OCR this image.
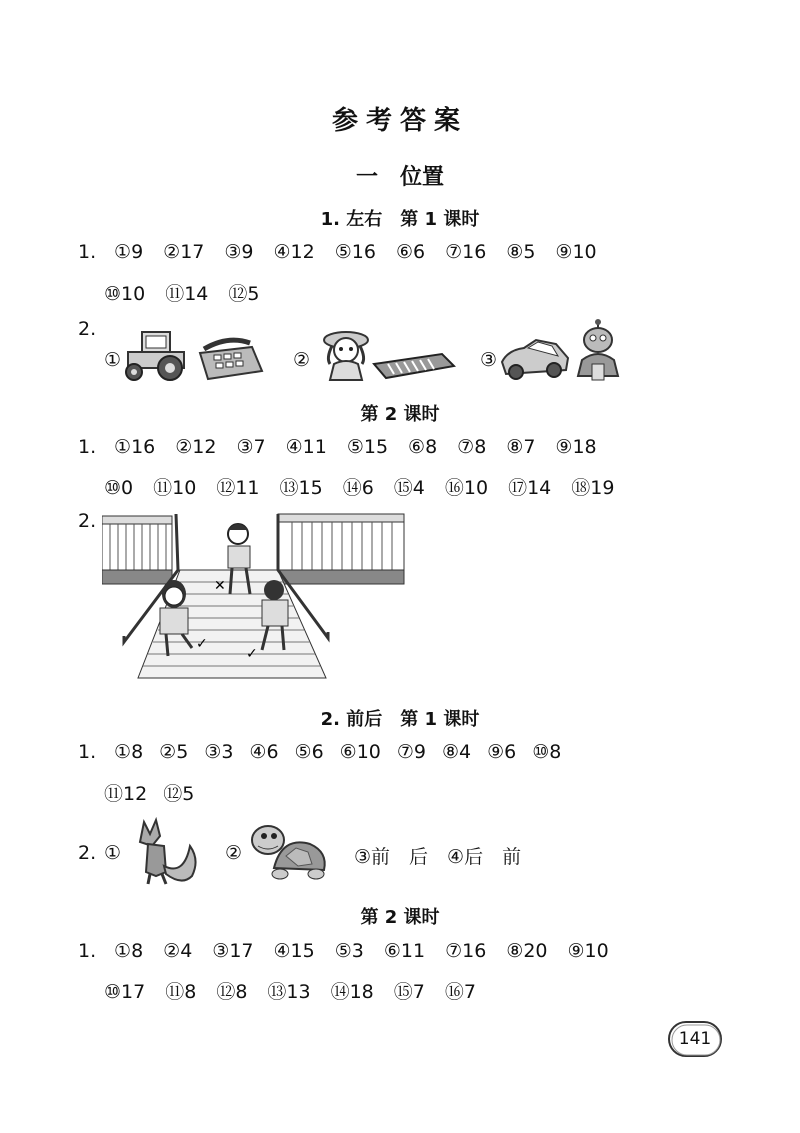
参考答案
一　位置
1. 左右　第 1 课时
1. ①9 ②17 ③9 ④12 ⑤16 ⑥6 ⑦16 ⑧5 ⑨10
⑩10 ⑪14 ⑫5
2.
①	②	③
第 2 课时
1. ①16 ②12 ③7 ④11 ⑤15 ⑥8 ⑦8 ⑧7 ⑨18
⑩0 ⑪10 ⑫11 ⑬15 ⑭6 ⑮4 ⑯10 ⑰14 ⑱19
2.
✕
✓
✓
2. 前后　第 1 课时
1. ①8 ②5 ③3 ④6 ⑤6 ⑥10 ⑦9 ⑧4 ⑨6 ⑩8
⑪12 ⑫5
2. ①	②	③前　后　④后　前
第 2 课时
1. ①8 ②4 ③17 ④15 ⑤3 ⑥11 ⑦16 ⑧20 ⑨10
⑩17 ⑪8 ⑫8 ⑬13 ⑭18 ⑮7 ⑯7
141
